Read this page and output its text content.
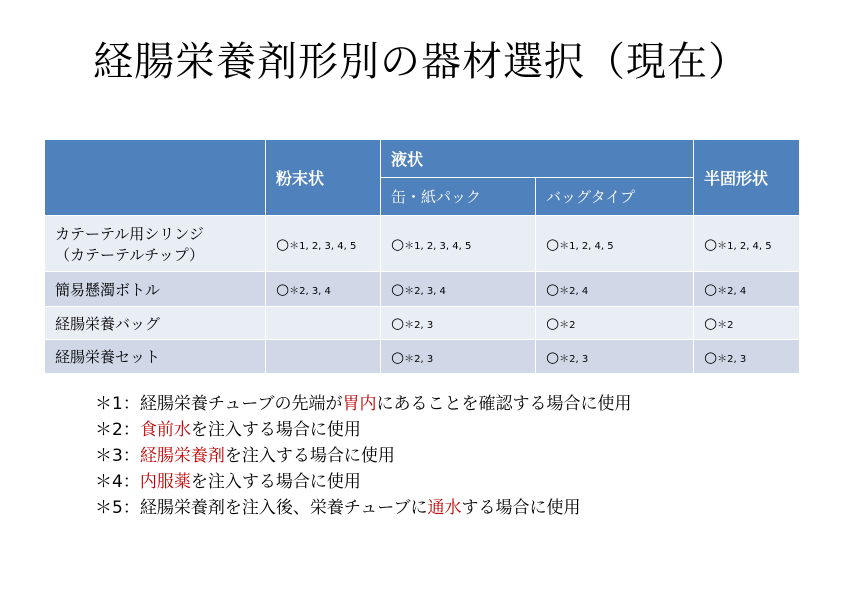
経腸栄養剤形別の器材選択（現在）
	粉末状	液状		半固形状
		缶・紙パック	バッグタイプ	

カテーテル用シリンジ
（カテーテルチップ）	○＊1, 2, 3, 4, 5	○＊1, 2, 3, 4, 5	○＊1, 2, 4, 5	○＊1, 2, 4, 5

簡易懸濁ボトル	○＊2, 3, 4	○＊2, 3, 4	○＊2, 4	○＊2, 4

経腸栄養バッグ		○＊2, 3	○＊2	○＊2

経腸栄養セット		○＊2, 3	○＊2, 3	○＊2, 3
＊1：経腸栄養チューブの先端が胃内にあることを確認する場合に使用
＊2：食前水を注入する場合に使用
＊3：経腸栄養剤を注入する場合に使用
＊4：内服薬を注入する場合に使用
＊5：経腸栄養剤を注入後、栄養チューブに通水する場合に使用
